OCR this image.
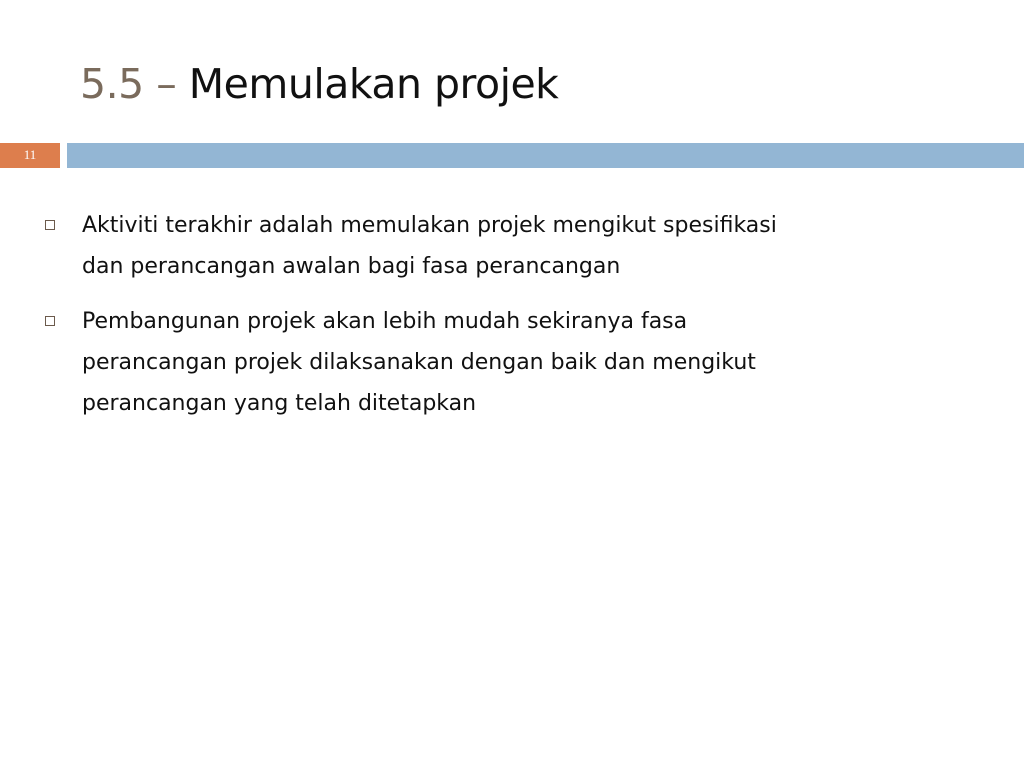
5.5 – Memulakan projek
11
Aktiviti terakhir adalah memulakan projek mengikut spesifikasi
dan perancangan awalan bagi fasa perancangan
Pembangunan projek akan lebih mudah sekiranya fasa
perancangan projek dilaksanakan dengan baik dan mengikut
perancangan yang telah ditetapkan
